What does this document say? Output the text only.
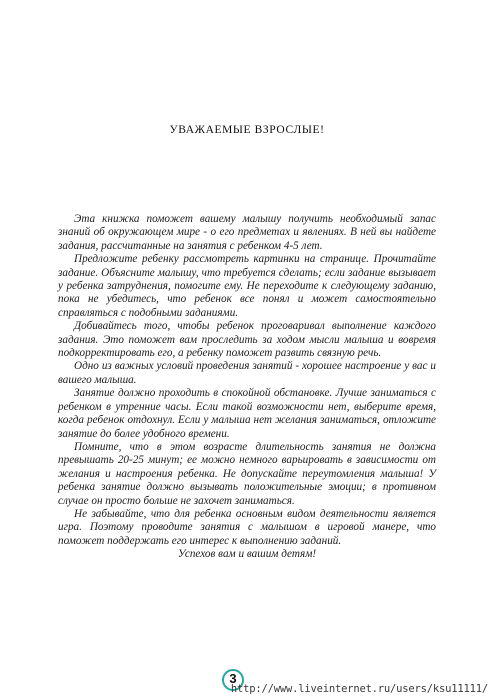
УВАЖАЕМЫЕ ВЗРОСЛЫЕ!

Эта книжка поможет вашему малышу получить необходимый запас знаний об окружающем мире - о его предметах и явлениях. В ней вы найдете задания, рассчитанные на занятия с ребенком 4-5 лет.

Предложите ребенку рассмотреть картинки на странице. Прочитайте задание. Объясните малышу, что требуется сделать; если задание вызывает у ребенка затруднения, помогите ему. Не переходите к следующему заданию, пока не убедитесь, что ребенок все понял и может самостоятельно справляться с подобными заданиями.

Добивайтесь того, чтобы ребенок проговаривал выполнение каждого задания. Это поможет вам проследить за ходом мысли малыша и вовремя подкорректировать его, а ребенку поможет развить связную речь.

Одно из важных условий проведения занятий - хорошее настроение у вас и вашего малыша.

Занятие должно проходить в спокойной обстановке. Лучше заниматься с ребенком в утренние часы. Если такой возможности нет, выберите время, когда ребенок отдохнул. Если у малыша нет желания заниматься, отложите занятие до более удобного времени.

Помните, что в этом возрасте длительность занятия не должна превышать 20-25 минут; ее можно немного варьировать в зависимости от желания и настроения ребенка. Не допускайте переутомления малыша! У ребенка занятие должно вызывать положительные эмоции; в противном случае он просто больше не захочет заниматься.

Не забывайте, что для ребенка основным видом деятельности является игра. Поэтому проводите занятия с малышом в игровой манере, что поможет поддержать его интерес к выполнению заданий.

Успехов вам и вашим детям!

3
http://www.liveinternet.ru/users/ksu11111/
